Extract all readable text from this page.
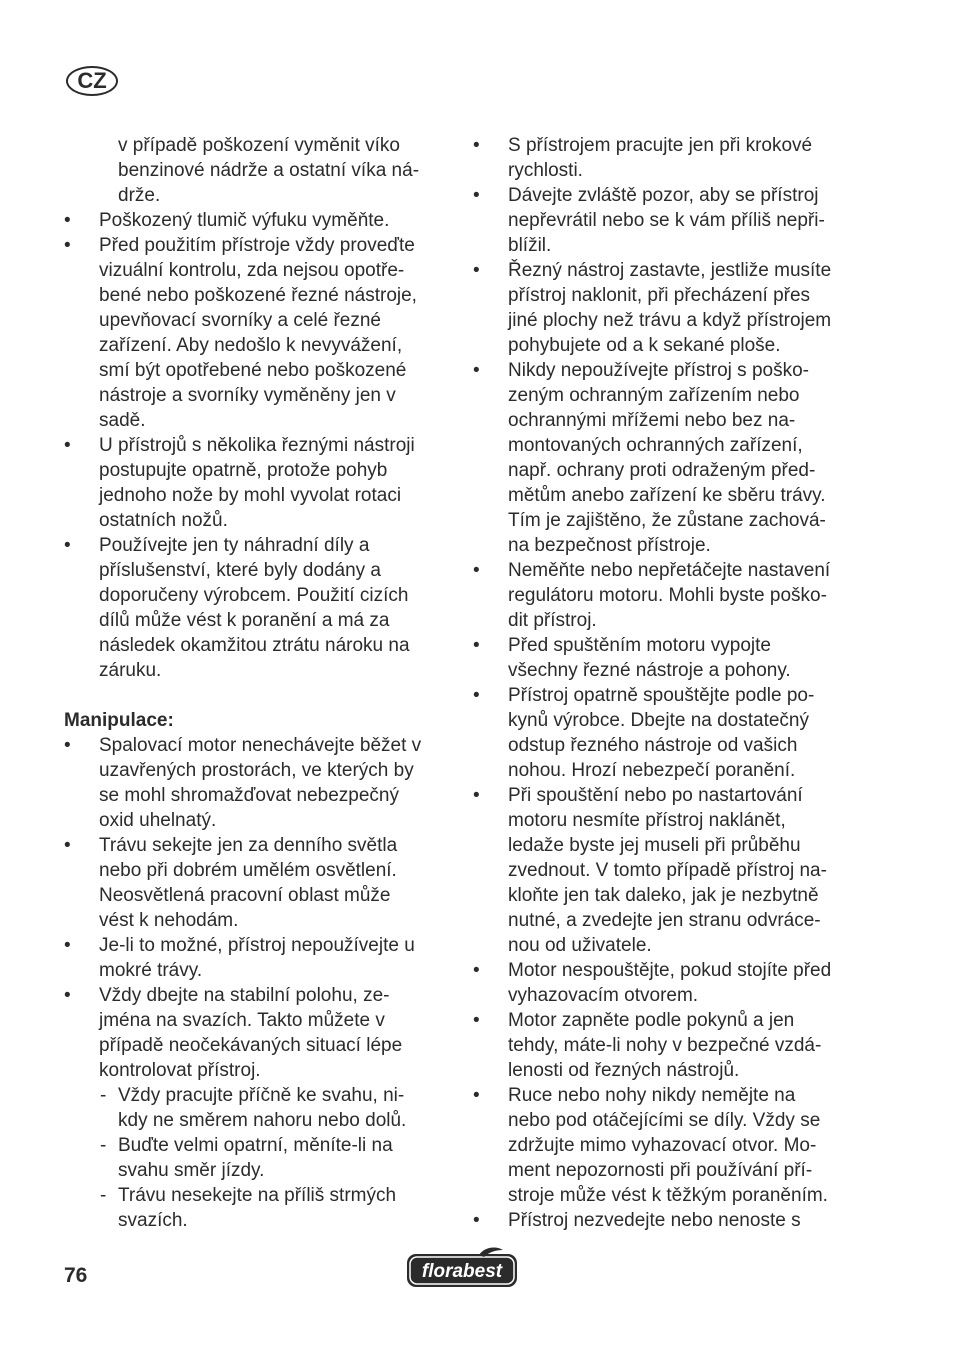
CZ
v případě poškození vyměnit víko
benzinové nádrže a ostatní víka ná-
drže.
• Poškozený tlumič výfuku vyměňte.
• Před použitím přístroje vždy proveďte
vizuální kontrolu, zda nejsou opotře-
bené nebo poškozené řezné nástroje,
upevňovací svorníky a celé řezné
zařízení. Aby nedošlo k nevyvážení,
smí být opotřebené nebo poškozené
nástroje a svorníky vyměněny jen v
sadě.
• U přístrojů s několika řeznými nástroji
postupujte opatrně, protože pohyb
jednoho nože by mohl vyvolat rotaci
ostatních nožů.
• Používejte jen ty náhradní díly a
příslušenství, které byly dodány a
doporučeny výrobcem. Použití cizích
dílů může vést k poranění a má za
následek okamžitou ztrátu nároku na
záruku.
Manipulace:
• Spalovací motor nenechávejte běžet v
uzavřených prostorách, ve kterých by
se mohl shromažďovat nebezpečný
oxid uhelnatý.
• Trávu sekejte jen za denního světla
nebo při dobrém umělém osvětlení.
Neosvětlená pracovní oblast může
vést k nehodám.
• Je-li to možné, přístroj nepoužívejte u
mokré trávy.
• Vždy dbejte na stabilní polohu, ze-
jména na svazích. Takto můžete v
případě neočekávaných situací lépe
kontrolovat přístroj.
- Vždy pracujte příčně ke svahu, ni-
kdy ne směrem nahoru nebo dolů.
- Buďte velmi opatrní, měníte-li na
svahu směr jízdy.
- Trávu nesekejte na příliš strmých
svazích.
• S přístrojem pracujte jen při krokové
rychlosti.
• Dávejte zvláště pozor, aby se přístroj
nepřevrátil nebo se k vám příliš nepři-
blížil.
• Řezný nástroj zastavte, jestliže musíte
přístroj naklonit, při přecházení přes
jiné plochy než trávu a když přístrojem
pohybujete od a k sekané ploše.
• Nikdy nepoužívejte přístroj s poško-
zeným ochranným zařízením nebo
ochrannými mřížemi nebo bez na-
montovaných ochranných zařízení,
např. ochrany proti odraženým před-
mětům anebo zařízení ke sběru trávy.
Tím je zajištěno, že zůstane zachová-
na bezpečnost přístroje.
• Neměňte nebo nepřetáčejte nastavení
regulátoru motoru. Mohli byste poško-
dit přístroj.
• Před spuštěním motoru vypojte
všechny řezné nástroje a pohony.
• Přístroj opatrně spouštějte podle po-
kynů výrobce. Dbejte na dostatečný
odstup řezného nástroje od vašich
nohou. Hrozí nebezpečí poranění.
• Při spouštění nebo po nastartování
motoru nesmíte přístroj naklánět,
ledaže byste jej museli při průběhu
zvednout. V tomto případě přístroj na-
kloňte jen tak daleko, jak je nezbytně
nutné, a zvedejte jen stranu odvráce-
nou od uživatele.
• Motor nespouštějte, pokud stojíte před
vyhazovacím otvorem.
• Motor zapněte podle pokynů a jen
tehdy, máte-li nohy v bezpečné vzdá-
lenosti od řezných nástrojů.
• Ruce nebo nohy nikdy nemějte na
nebo pod otáčejícími se díly. Vždy se
zdržujte mimo vyhazovací otvor. Mo-
ment nepozornosti při používání pří-
stroje může vést k těžkým poraněním.
• Přístroj nezvedejte nebo nenoste s
76	florabest
